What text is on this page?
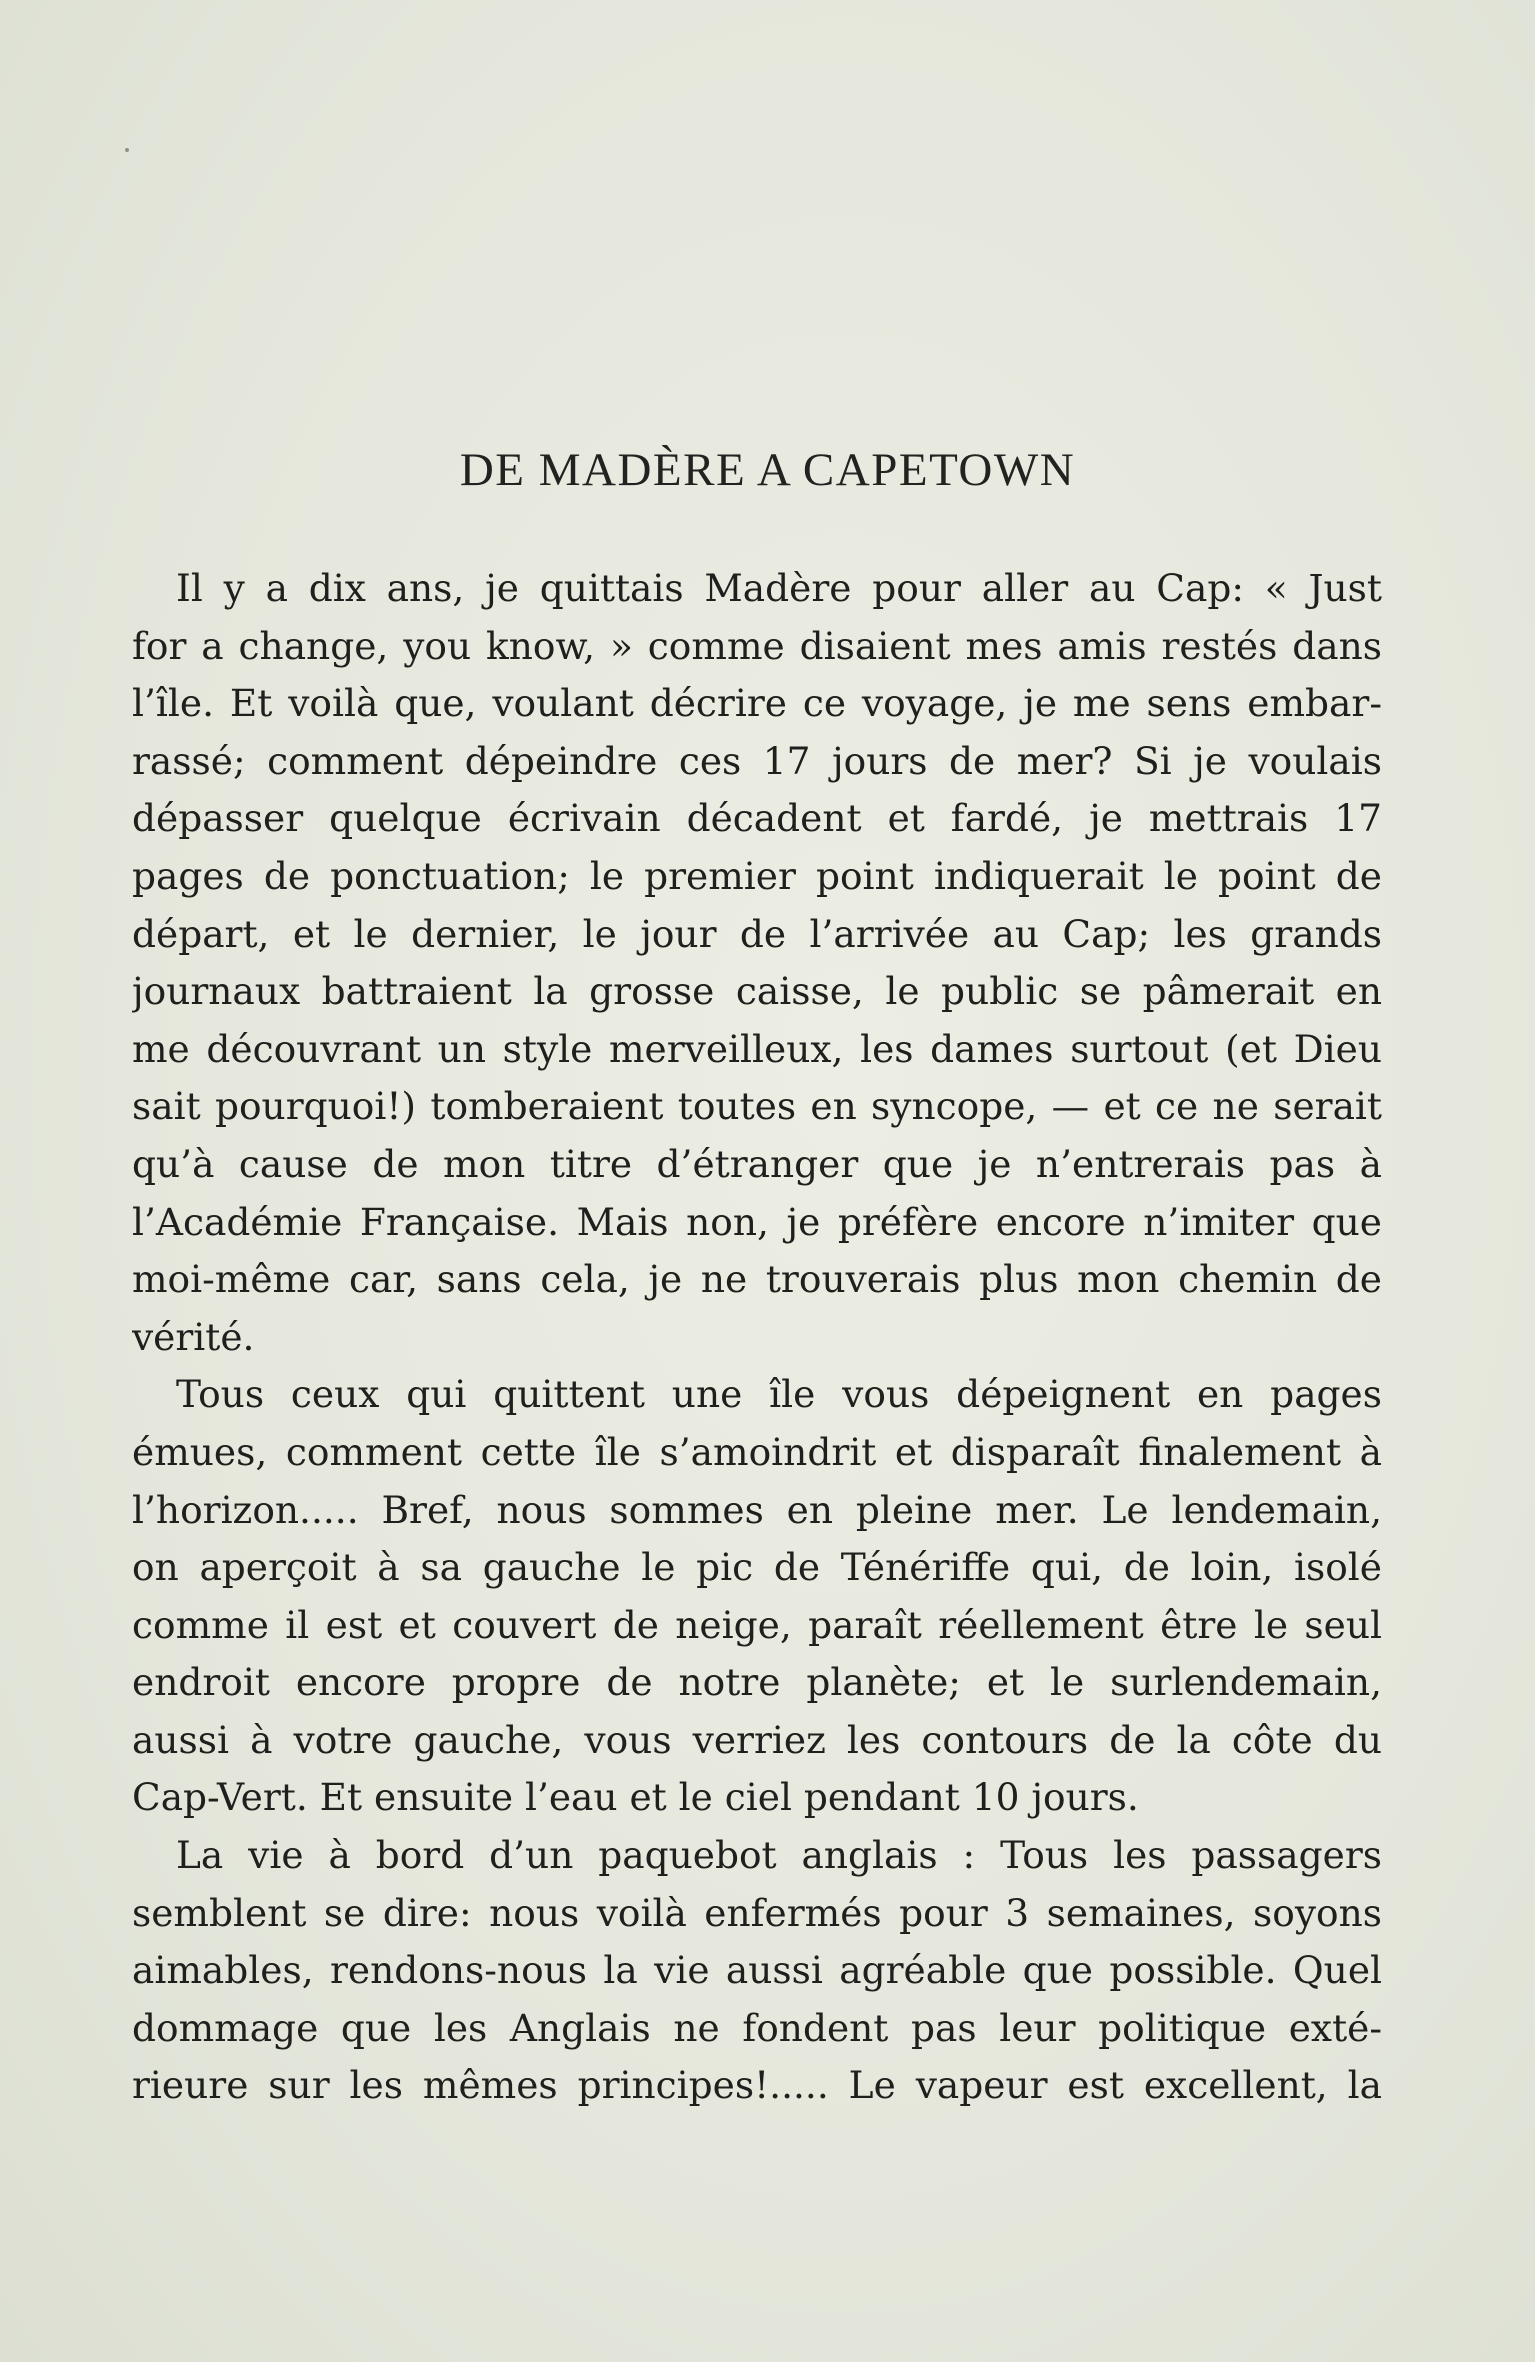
DE MADÈRE A CAPETOWN

Il y a dix ans, je quittais Madère pour aller au Cap: « Just
for a change, you know, » comme disaient mes amis restés dans
l’île. Et voilà que, voulant décrire ce voyage, je me sens embar-
rassé; comment dépeindre ces 17 jours de mer? Si je voulais
dépasser quelque écrivain décadent et fardé, je mettrais 17
pages de ponctuation; le premier point indiquerait le point de
départ, et le dernier, le jour de l’arrivée au Cap; les grands
journaux battraient la grosse caisse, le public se pâmerait en
me découvrant un style merveilleux, les dames surtout (et Dieu
sait pourquoi!) tomberaient toutes en syncope, — et ce ne serait
qu’à cause de mon titre d’étranger que je n’entrerais pas à
l’Académie Française. Mais non, je préfère encore n’imiter que
moi-même car, sans cela, je ne trouverais plus mon chemin de
vérité.

Tous ceux qui quittent une île vous dépeignent en pages
émues, comment cette île s’amoindrit et disparaît finalement à
l’horizon..... Bref, nous sommes en pleine mer. Le lendemain,
on aperçoit à sa gauche le pic de Ténériffe qui, de loin, isolé
comme il est et couvert de neige, paraît réellement être le seul
endroit encore propre de notre planète; et le surlendemain,
aussi à votre gauche, vous verriez les contours de la côte du
Cap-Vert. Et ensuite l’eau et le ciel pendant 10 jours.

La vie à bord d’un paquebot anglais : Tous les passagers
semblent se dire: nous voilà enfermés pour 3 semaines, soyons
aimables, rendons-nous la vie aussi agréable que possible. Quel
dommage que les Anglais ne fondent pas leur politique exté-
rieure sur les mêmes principes!..... Le vapeur est excellent, la
